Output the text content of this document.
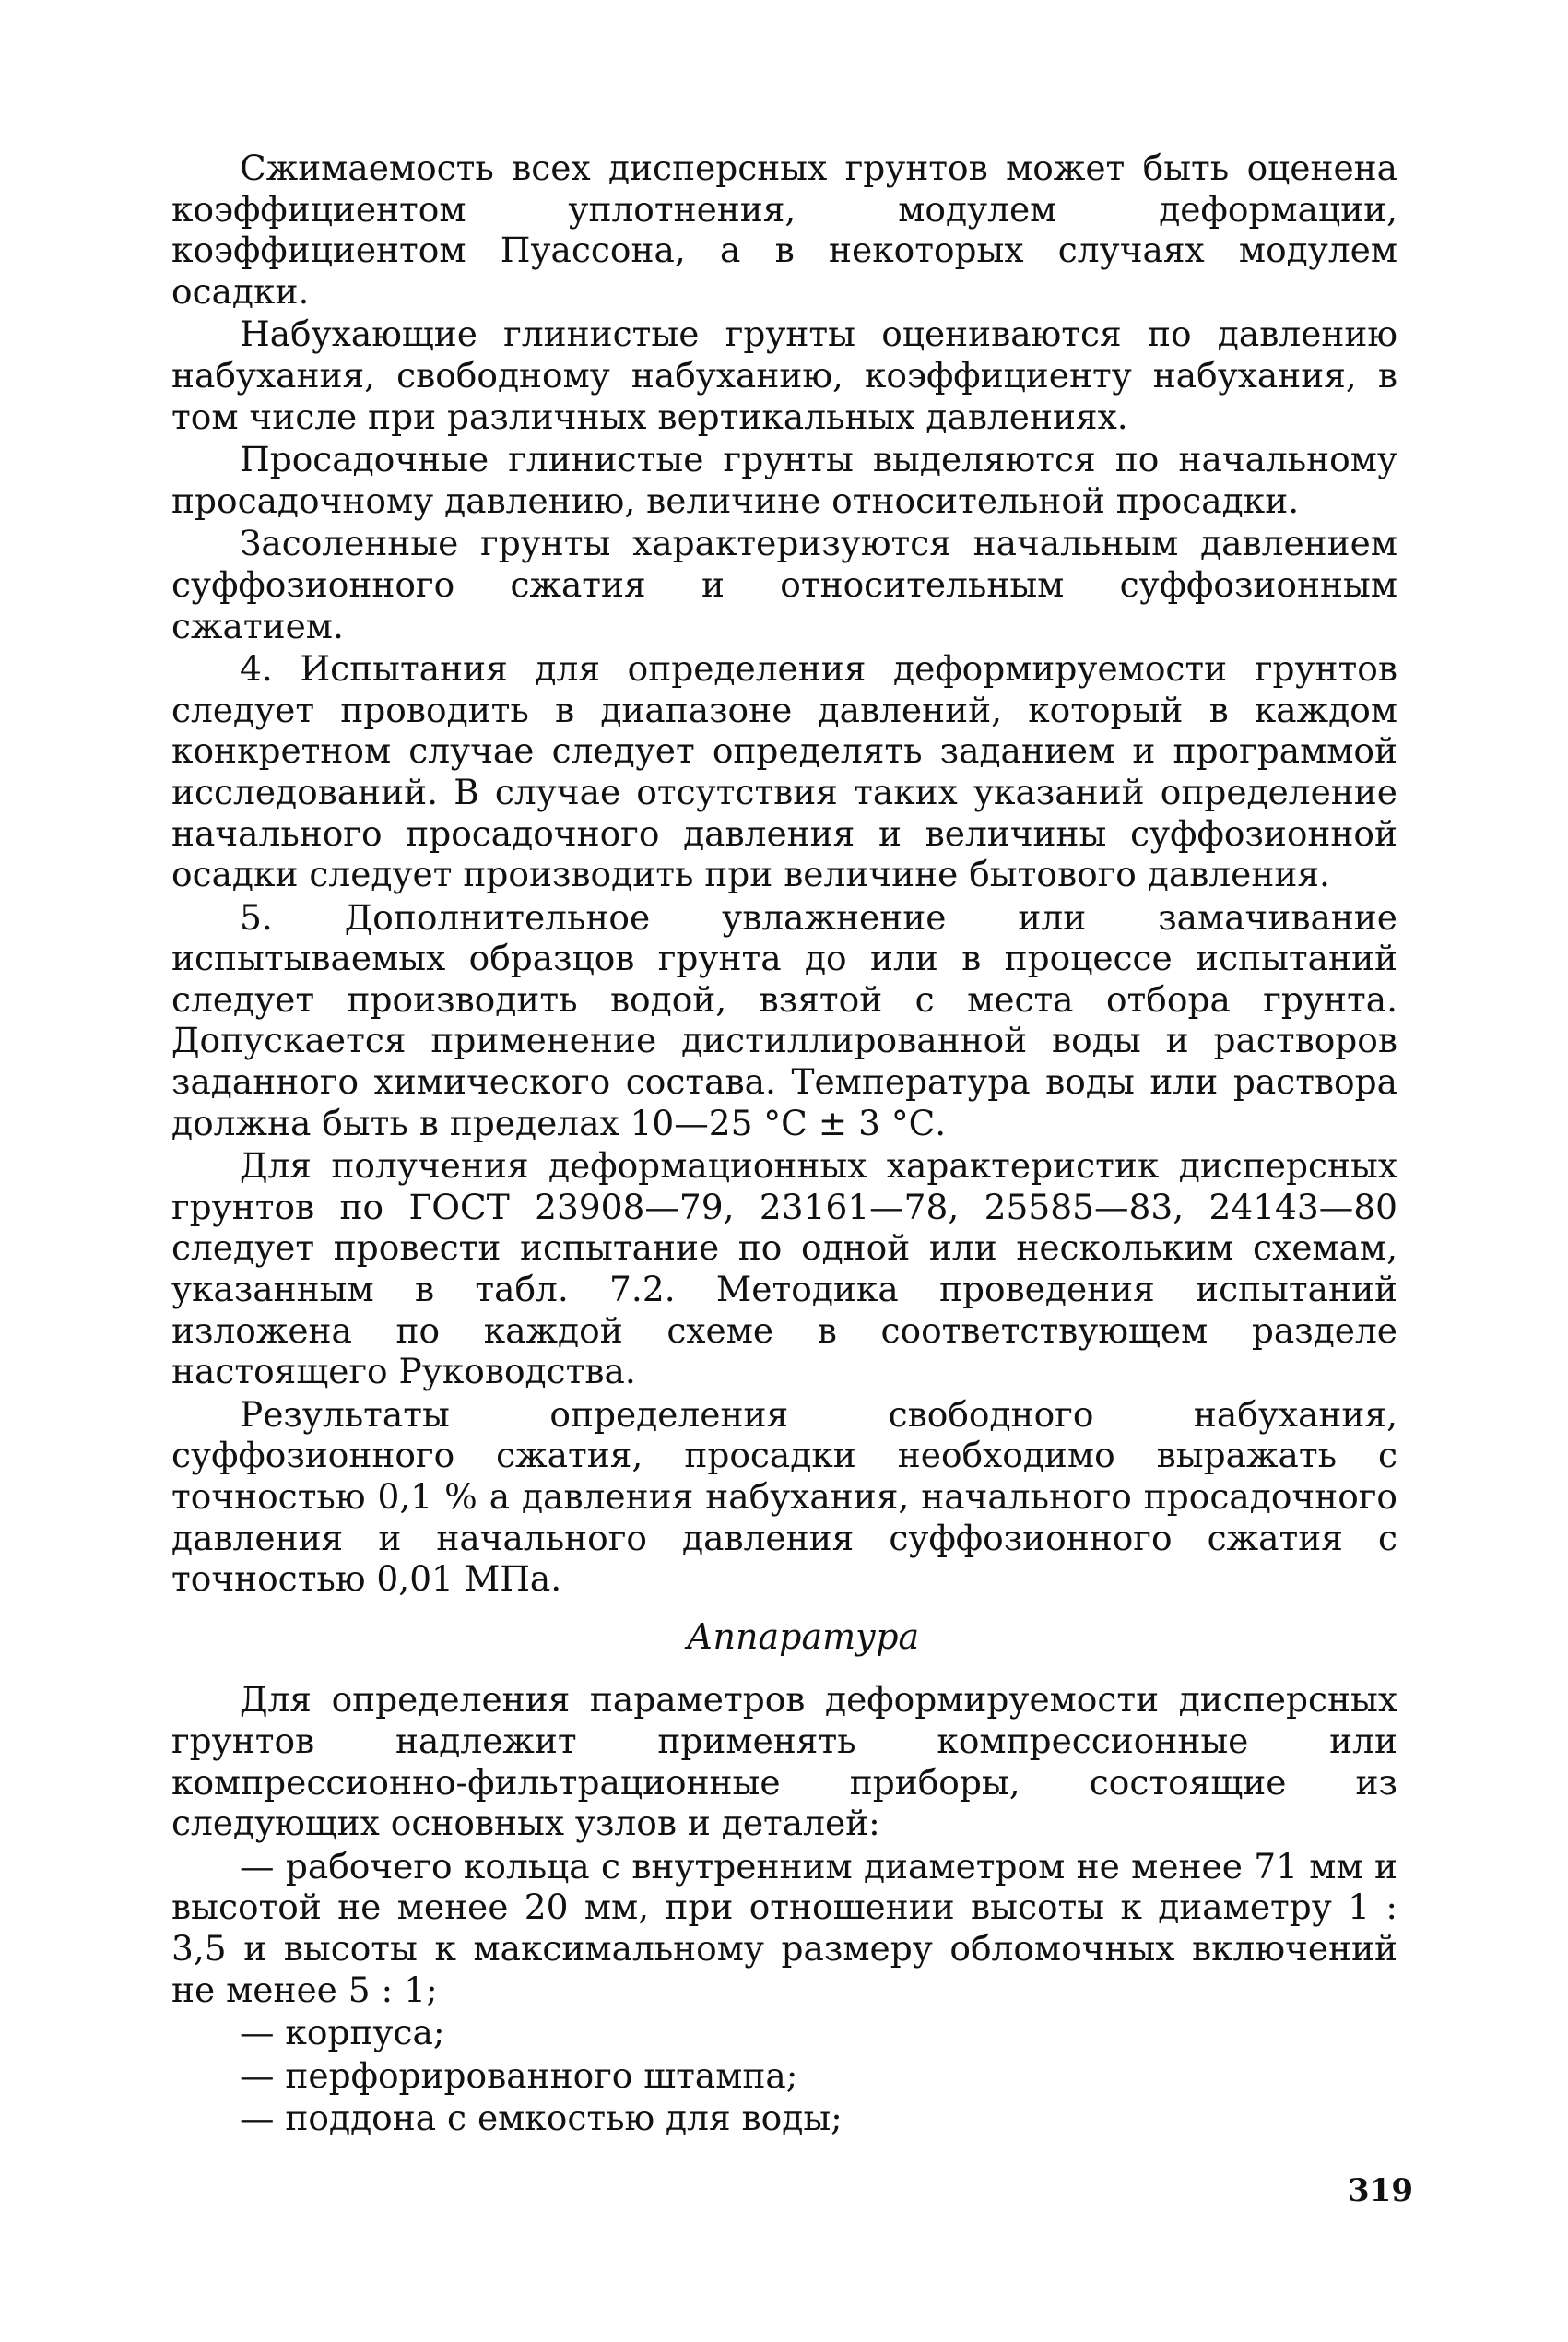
Сжимаемость всех дисперсных грунтов может быть оценена коэффициентом уплотнения, модулем деформации, коэффициентом Пуассона, а в некоторых случаях модулем осадки.

Набухающие глинистые грунты оцениваются по давлению набухания, свободному набуханию, коэффициенту набухания, в том числе при различных вертикальных давлениях.

Просадочные глинистые грунты выделяются по начальному просадочному давлению, величине относительной просадки.

Засоленные грунты характеризуются начальным давлением суффозионного сжатия и относительным суффозионным сжатием.

4. Испытания для определения деформируемости грунтов следует проводить в диапазоне давлений, который в каждом конкретном случае следует определять заданием и программой исследований. В случае отсутствия таких указаний определение начального просадочного давления и величины суффозионной осадки следует производить при величине бытового давления.

5. Дополнительное увлажнение или замачивание испытываемых образцов грунта до или в процессе испытаний следует производить водой, взятой с места отбора грунта. Допускается применение дистиллированной воды и растворов заданного химического состава. Температура воды или раствора должна быть в пределах 10—25 °С ± 3 °С.

Для получения деформационных характеристик дисперсных грунтов по ГОСТ 23908—79, 23161—78, 25585—83, 24143—80 следует провести испытание по одной или нескольким схемам, указанным в табл. 7.2. Методика проведения испытаний изложена по каждой схеме в соответствующем разделе настоящего Руководства.

Результаты определения свободного набухания, суффозионного сжатия, просадки необходимо выражать с точностью 0,1 % а давления набухания, начального просадочного давления и начального давления суффозионного сжатия с точностью 0,01 МПа.

Аппаратура

Для определения параметров деформируемости дисперсных грунтов надлежит применять компрессионные или компрессионно-фильтрационные приборы, состоящие из следующих основных узлов и деталей:

— рабочего кольца с внутренним диаметром не менее 71 мм и высотой не менее 20 мм, при отношении высоты к диаметру 1 : 3,5 и высоты к максимальному размеру обломочных включений не менее 5 : 1;

— корпуса;

— перфорированного штампа;

— поддона с емкостью для воды;

319
